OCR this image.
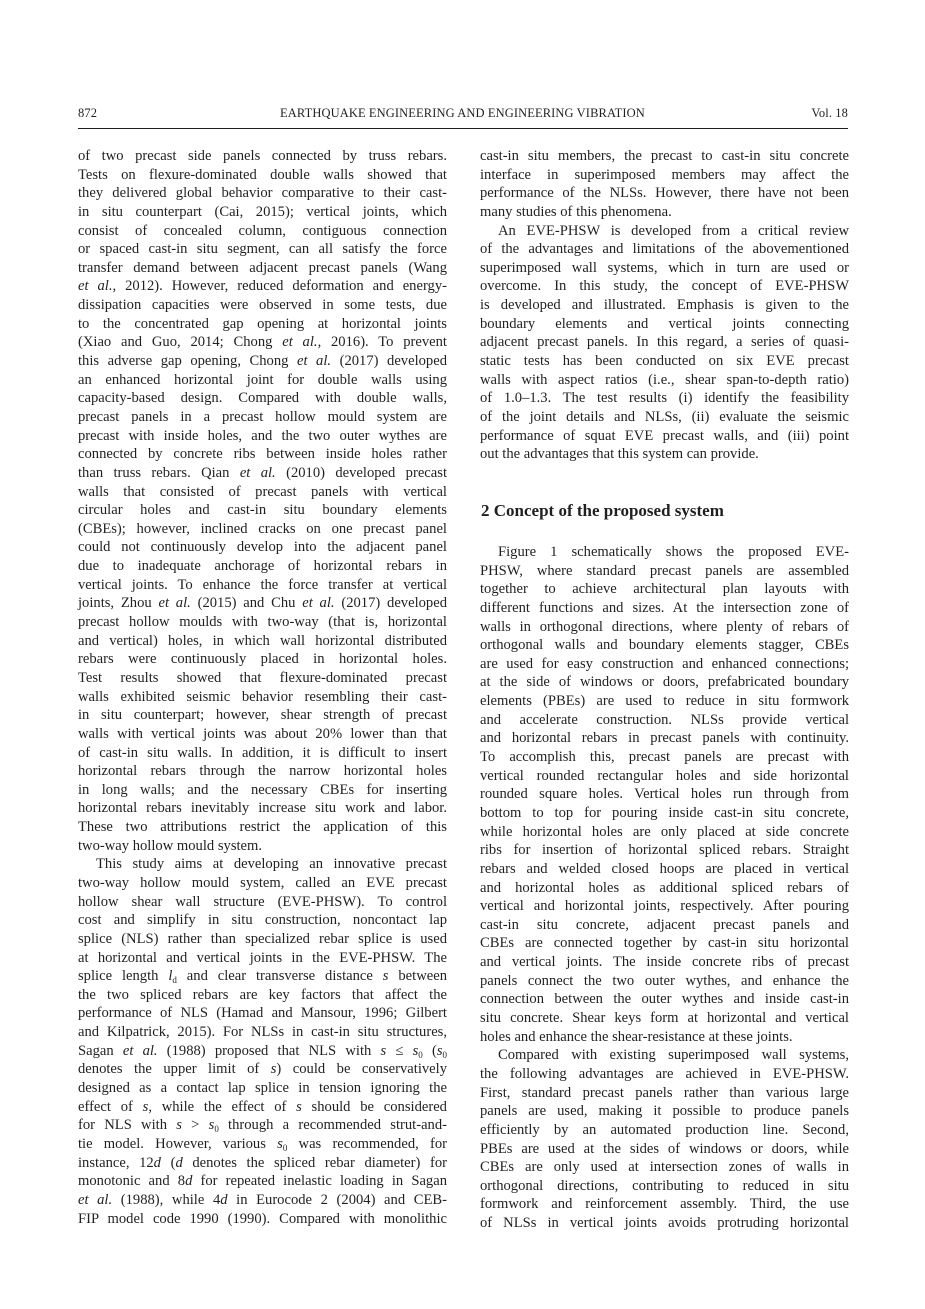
872	EARTHQUAKE ENGINEERING AND ENGINEERING VIBRATION	Vol. 18
of two precast side panels connected by truss rebars.
Tests on flexure-dominated double walls showed that
they delivered global behavior comparative to their cast-
in situ counterpart (Cai, 2015); vertical joints, which
consist of concealed column, contiguous connection
or spaced cast-in situ segment, can all satisfy the force
transfer demand between adjacent precast panels (Wang
et al., 2012). However, reduced deformation and energy-
dissipation capacities were observed in some tests, due
to the concentrated gap opening at horizontal joints
(Xiao and Guo, 2014; Chong et al., 2016). To prevent
this adverse gap opening, Chong et al. (2017) developed
an enhanced horizontal joint for double walls using
capacity-based design. Compared with double walls,
precast panels in a precast hollow mould system are
precast with inside holes, and the two outer wythes are
connected by concrete ribs between inside holes rather
than truss rebars. Qian et al. (2010) developed precast
walls that consisted of precast panels with vertical
circular holes and cast-in situ boundary elements
(CBEs); however, inclined cracks on one precast panel
could not continuously develop into the adjacent panel
due to inadequate anchorage of horizontal rebars in
vertical joints. To enhance the force transfer at vertical
joints, Zhou et al. (2015) and Chu et al. (2017) developed
precast hollow moulds with two-way (that is, horizontal
and vertical) holes, in which wall horizontal distributed
rebars were continuously placed in horizontal holes.
Test results showed that flexure-dominated precast
walls exhibited seismic behavior resembling their cast-
in situ counterpart; however, shear strength of precast
walls with vertical joints was about 20% lower than that
of cast-in situ walls. In addition, it is difficult to insert
horizontal rebars through the narrow horizontal holes
in long walls; and the necessary CBEs for inserting
horizontal rebars inevitably increase situ work and labor.
These two attributions restrict the application of this
two-way hollow mould system.
This study aims at developing an innovative precast
two-way hollow mould system, called an EVE precast
hollow shear wall structure (EVE-PHSW). To control
cost and simplify in situ construction, noncontact lap
splice (NLS) rather than specialized rebar splice is used
at horizontal and vertical joints in the EVE-PHSW. The
splice length $l_d$ and clear transverse distance s between
the two spliced rebars are key factors that affect the
performance of NLS (Hamad and Mansour, 1996; Gilbert
and Kilpatrick, 2015). For NLSs in cast-in situ structures,
Sagan et al. (1988) proposed that NLS with $s \le s_0$ ($s_0$
denotes the upper limit of s) could be conservatively
designed as a contact lap splice in tension ignoring the
effect of s, while the effect of s should be considered
for NLS with $s > s_0$ through a recommended strut-and-
tie model. However, various $s_0$ was recommended, for
instance, 12d (d denotes the spliced rebar diameter) for
monotonic and 8d for repeated inelastic loading in Sagan
et al. (1988), while 4d in Eurocode 2 (2004) and CEB-
FIP model code 1990 (1990). Compared with monolithic
cast-in situ members, the precast to cast-in situ concrete
interface in superimposed members may affect the
performance of the NLSs. However, there have not been
many studies of this phenomena.
An EVE-PHSW is developed from a critical review
of the advantages and limitations of the abovementioned
superimposed wall systems, which in turn are used or
overcome. In this study, the concept of EVE-PHSW
is developed and illustrated. Emphasis is given to the
boundary elements and vertical joints connecting
adjacent precast panels. In this regard, a series of quasi-
static tests has been conducted on six EVE precast
walls with aspect ratios (i.e., shear span-to-depth ratio)
of 1.0–1.3. The test results (i) identify the feasibility
of the joint details and NLSs, (ii) evaluate the seismic
performance of squat EVE precast walls, and (iii) point
out the advantages that this system can provide.
2 Concept of the proposed system
Figure 1 schematically shows the proposed EVE-
PHSW, where standard precast panels are assembled
together to achieve architectural plan layouts with
different functions and sizes. At the intersection zone of
walls in orthogonal directions, where plenty of rebars of
orthogonal walls and boundary elements stagger, CBEs
are used for easy construction and enhanced connections;
at the side of windows or doors, prefabricated boundary
elements (PBEs) are used to reduce in situ formwork
and accelerate construction. NLSs provide vertical
and horizontal rebars in precast panels with continuity.
To accomplish this, precast panels are precast with
vertical rounded rectangular holes and side horizontal
rounded square holes. Vertical holes run through from
bottom to top for pouring inside cast-in situ concrete,
while horizontal holes are only placed at side concrete
ribs for insertion of horizontal spliced rebars. Straight
rebars and welded closed hoops are placed in vertical
and horizontal holes as additional spliced rebars of
vertical and horizontal joints, respectively. After pouring
cast-in situ concrete, adjacent precast panels and
CBEs are connected together by cast-in situ horizontal
and vertical joints. The inside concrete ribs of precast
panels connect the two outer wythes, and enhance the
connection between the outer wythes and inside cast-in
situ concrete. Shear keys form at horizontal and vertical
holes and enhance the shear-resistance at these joints.
Compared with existing superimposed wall systems,
the following advantages are achieved in EVE-PHSW.
First, standard precast panels rather than various large
panels are used, making it possible to produce panels
efficiently by an automated production line. Second,
PBEs are used at the sides of windows or doors, while
CBEs are only used at intersection zones of walls in
orthogonal directions, contributing to reduced in situ
formwork and reinforcement assembly. Third, the use
of NLSs in vertical joints avoids protruding horizontal
